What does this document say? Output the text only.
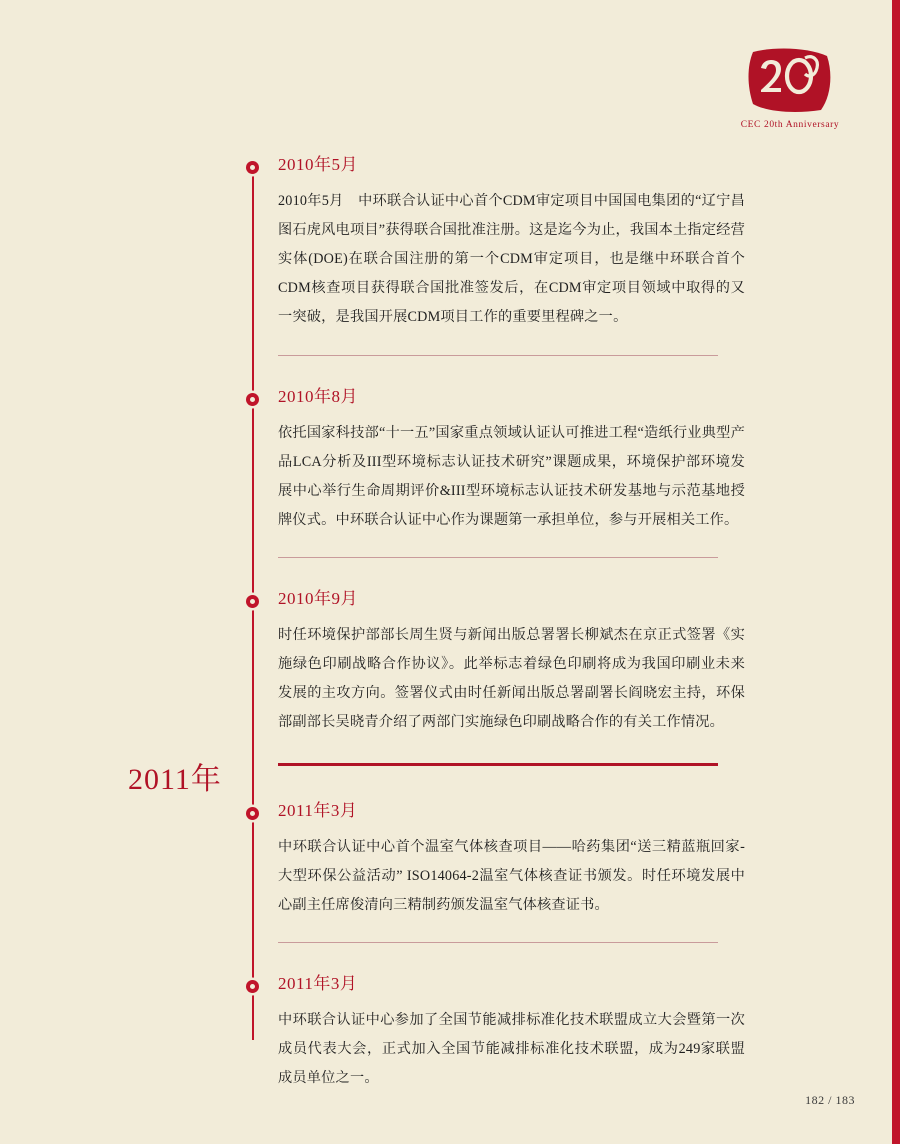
CEC 20th Anniversary
2011年

2010年5月

2010年5月　中环联合认证中心首个CDM审定项目中国国电集团的“辽宁昌图石虎风电项目”获得联合国批准注册。这是迄今为止，我国本土指定经营实体(DOE)在联合国注册的第一个CDM审定项目，也是继中环联合首个CDM核查项目获得联合国批准签发后，在CDM审定项目领域中取得的又一突破，是我国开展CDM项目工作的重要里程碑之一。

2010年8月

依托国家科技部“十一五”国家重点领域认证认可推进工程“造纸行业典型产品LCA分析及III型环境标志认证技术研究”课题成果，环境保护部环境发展中心举行生命周期评价&III型环境标志认证技术研发基地与示范基地授牌仪式。中环联合认证中心作为课题第一承担单位，参与开展相关工作。

2010年9月

时任环境保护部部长周生贤与新闻出版总署署长柳斌杰在京正式签署《实施绿色印刷战略合作协议》。此举标志着绿色印刷将成为我国印刷业未来发展的主攻方向。签署仪式由时任新闻出版总署副署长阎晓宏主持，环保部副部长吴晓青介绍了两部门实施绿色印刷战略合作的有关工作情况。

2011年3月

中环联合认证中心首个温室气体核查项目——哈药集团“送三精蓝瓶回家-大型环保公益活动” ISO14064-2温室气体核查证书颁发。时任环境发展中心副主任席俊清向三精制药颁发温室气体核查证书。

2011年3月

中环联合认证中心参加了全国节能减排标准化技术联盟成立大会暨第一次成员代表大会，正式加入全国节能减排标准化技术联盟，成为249家联盟成员单位之一。

182 / 183
